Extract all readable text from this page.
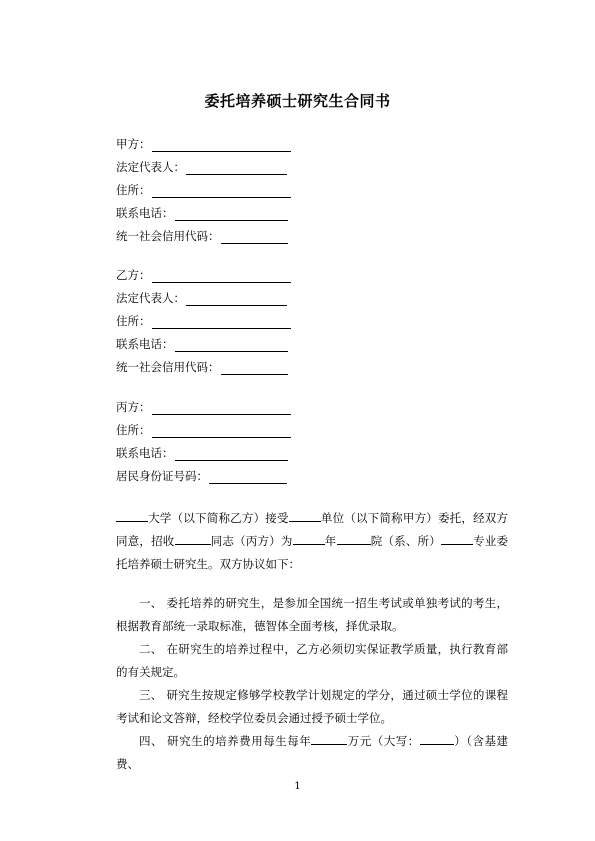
委托培养硕士研究生合同书
甲方：
法定代表人：
住所：
联系电话：
统一社会信用代码：
乙方：
法定代表人：
住所：
联系电话：
统一社会信用代码：
丙方：
住所：
联系电话：
居民身份证号码：
大学（以下简称乙方）接受	单位（以下简称甲方）委托，经双方同意，招收	同志（丙方）为	年	院（系、所）	专业委托培养硕士研究生。双方协议如下：
一、 委托培养的研究生，是参加全国统一招生考试或单独考试的考生，根据教育部统一录取标准，德智体全面考核，择优录取。
二、 在研究生的培养过程中，乙方必须切实保证教学质量，执行教育部的有关规定。
三、 研究生按规定修够学校教学计划规定的学分，通过硕士学位的课程考试和论文答辩，经校学位委员会通过授予硕士学位。
四、 研究生的培养费用每生每年	万元（大写：	）（含基建费、
1
